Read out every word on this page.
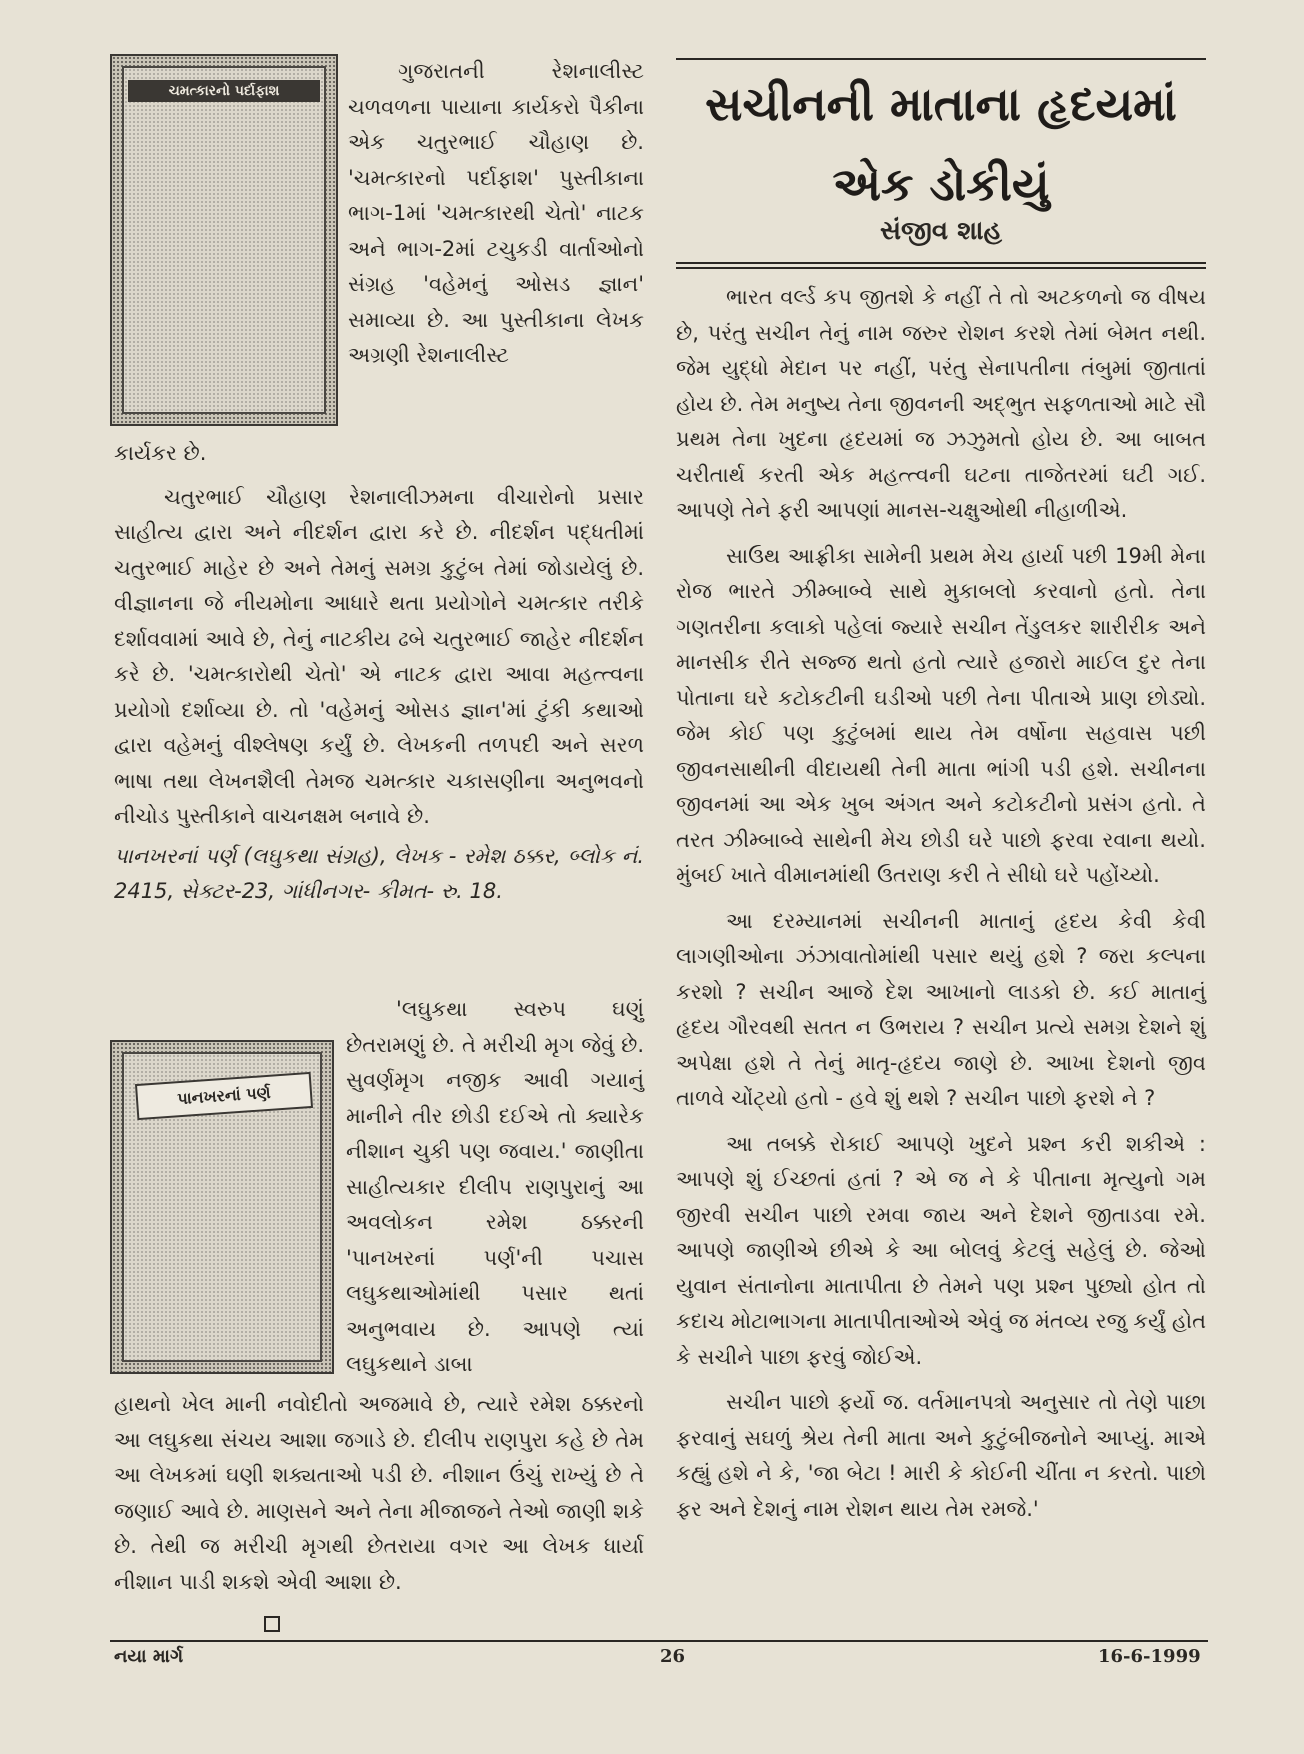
ચમત્કારનો પર્દાફાશ

ગુજરાતની રેશનાલીસ્ટ ચળવળના પાયાના કાર્યકરો પૈકીના એક ચતુરભાઈ ચૌહાણ છે. 'ચમત્કારનો પર્દાફાશ' પુસ્તીકાના ભાગ-1માં 'ચમત્કારથી ચેતો' નાટક અને ભાગ-2માં ટચુકડી વાર્તાઓનો સંગ્રહ 'વહેમનું ઓસડ જ્ઞાન' સમાવ્યા છે. આ પુસ્તીકાના લેખક અગ્રણી રેશનાલીસ્ટ

કાર્યકર છે.

ચતુરભાઈ ચૌહાણ રેશનાલીઝમના વીચારોનો પ્રસાર સાહીત્ય દ્વારા અને નીદર્શન દ્વારા કરે છે. નીદર્શન પદ્ધતીમાં ચતુરભાઈ માહેર છે અને તેમનું સમગ્ર કુટુંબ તેમાં જોડાયેલું છે. વીજ્ઞાનના જે નીયમોના આધારે થતા પ્રયોગોને ચમત્કાર તરીકે દર્શાવવામાં આવે છે, તેનું નાટકીય ઢબે ચતુરભાઈ જાહેર નીદર્શન કરે છે. 'ચમત્કારોથી ચેતો' એ નાટક દ્વારા આવા મહત્ત્વના પ્રયોગો દર્શાવ્યા છે. તો 'વહેમનું ઓસડ જ્ઞાન'માં ટુંકી કથાઓ દ્વારા વહેમનું વીશ્લેષણ કર્યું છે. લેખકની તળપદી અને સરળ ભાષા તથા લેખનશૈલી તેમજ ચમત્કાર ચકાસણીના અનુભવનો નીચોડ પુસ્તીકાને વાચનક્ષમ બનાવે છે.

પાનખરનાં પર્ણ (લઘુકથા સંગ્રહ), લેખક - રમેશ ઠક્કર, બ્લોક નં. 2415, સેક્ટર-23, ગાંધીનગર- કીમત- રુ. 18.

પાનખરનાં પર્ણ

'લઘુકથા સ્વરુપ ઘણું છેતરામણું છે. તે મરીચી મૃગ જેવું છે. સુવર્ણમૃગ નજીક આવી ગયાનું માનીને તીર છોડી દઈએ તો ક્યારેક નીશાન ચુકી પણ જવાય.' જાણીતા સાહીત્યકાર દીલીપ રાણપુરાનું આ અવલોકન રમેશ ઠક્કરની 'પાનખરનાં પર્ણ'ની પચાસ લઘુકથાઓમાંથી પસાર થતાં અનુભવાય છે. આપણે ત્યાં લઘુકથાને ડાબા

હાથનો ખેલ માની નવોદીતો અજમાવે છે, ત્યારે રમેશ ઠક્કરનો આ લઘુકથા સંચય આશા જગાડે છે. દીલીપ રાણપુરા કહે છે તેમ આ લેખકમાં ઘણી શક્યતાઓ પડી છે. નીશાન ઉંચું રાખ્યું છે તે જણાઈ આવે છે. માણસને અને તેના મીજાજને તેઓ જાણી શકે છે. તેથી જ મરીચી મૃગથી છેતરાયા વગર આ લેખક ધાર્યા નીશાન પાડી શકશે એવી આશા છે.

સચીનની માતાના હૃદયમાં
એક ડોકીયું
સંજીવ શાહ

ભારત વર્લ્ડ કપ જીતશે કે નહીં તે તો અટકળનો જ વીષય છે, પરંતુ સચીન તેનું નામ જરુર રોશન કરશે તેમાં બેમત નથી. જેમ યુદ્ધો મેદાન પર નહીં, પરંતુ સેનાપતીના તંબુમાં જીતાતાં હોય છે. તેમ મનુષ્ય તેના જીવનની અદ્ભુત સફળતાઓ માટે સૌ પ્રથમ તેના ખુદના હૃદયમાં જ ઝઝુમતો હોય છે. આ બાબત ચરીતાર્થ કરતી એક મહત્ત્વની ઘટના તાજેતરમાં ઘટી ગઈ. આપણે તેને ફરી આપણાં માનસ-ચક્ષુઓથી નીહાળીએ.

સાઉથ આફ્રીકા સામેની પ્રથમ મેચ હાર્યા પછી 19મી મેના રોજ ભારતે ઝીમ્બાબ્વે સાથે મુકાબલો કરવાનો હતો. તેના ગણતરીના કલાકો પહેલાં જ્યારે સચીન તેંડુલકર શારીરીક અને માનસીક રીતે સજ્જ થતો હતો ત્યારે હજારો માઈલ દુર તેના પોતાના ઘરે કટોકટીની ઘડીઓ પછી તેના પીતાએ પ્રાણ છોડ્યો. જેમ કોઈ પણ કુટુંબમાં થાય તેમ વર્ષોના સહવાસ પછી જીવનસાથીની વીદાયથી તેની માતા ભાંગી પડી હશે. સચીનના જીવનમાં આ એક ખુબ અંગત અને કટોકટીનો પ્રસંગ હતો. તે તરત ઝીમ્બાબ્વે સાથેની મેચ છોડી ઘરે પાછો ફરવા રવાના થયો. મુંબઈ ખાતે વીમાનમાંથી ઉતરાણ કરી તે સીધો ઘરે પહોંચ્યો.

આ દરમ્યાનમાં સચીનની માતાનું હૃદય કેવી કેવી લાગણીઓના ઝંઝાવાતોમાંથી પસાર થયું હશે ? જરા કલ્પના કરશો ? સચીન આજે દેશ આખાનો લાડકો છે. કઈ માતાનું હૃદય ગૌરવથી સતત ન ઉભરાય ? સચીન પ્રત્યે સમગ્ર દેશને શું અપેક્ષા હશે તે તેનું માતૃ-હૃદય જાણે છે. આખા દેશનો જીવ તાળવે ચોંટ્યો હતો - હવે શું થશે ? સચીન પાછો ફરશે ને ?

આ તબક્કે રોકાઈ આપણે ખુદને પ્રશ્ન કરી શકીએ : આપણે શું ઈચ્છતાં હતાં ? એ જ ને કે પીતાના મૃત્યુનો ગમ જીરવી સચીન પાછો રમવા જાય અને દેશને જીતાડવા રમે. આપણે જાણીએ છીએ કે આ બોલવું કેટલું સહેલું છે. જેઓ યુવાન સંતાનોના માતાપીતા છે તેમને પણ પ્રશ્ન પુછ્યો હોત તો કદાચ મોટાભાગના માતાપીતાઓએ એવું જ મંતવ્ય રજુ કર્યું હોત કે સચીને પાછા ફરવું જોઈએ.

સચીન પાછો ફર્યો જ. વર્તમાનપત્રો અનુસાર તો તેણે પાછા ફરવાનું સઘળું શ્રેય તેની માતા અને કુટુંબીજનોને આપ્યું. માએ કહ્યું હશે ને કે, 'જા બેટા ! મારી કે કોઈની ચીંતા ન કરતો. પાછો ફર અને દેશનું નામ રોશન થાય તેમ રમજે.'

નયા માર્ગ	26	16-6-1999
